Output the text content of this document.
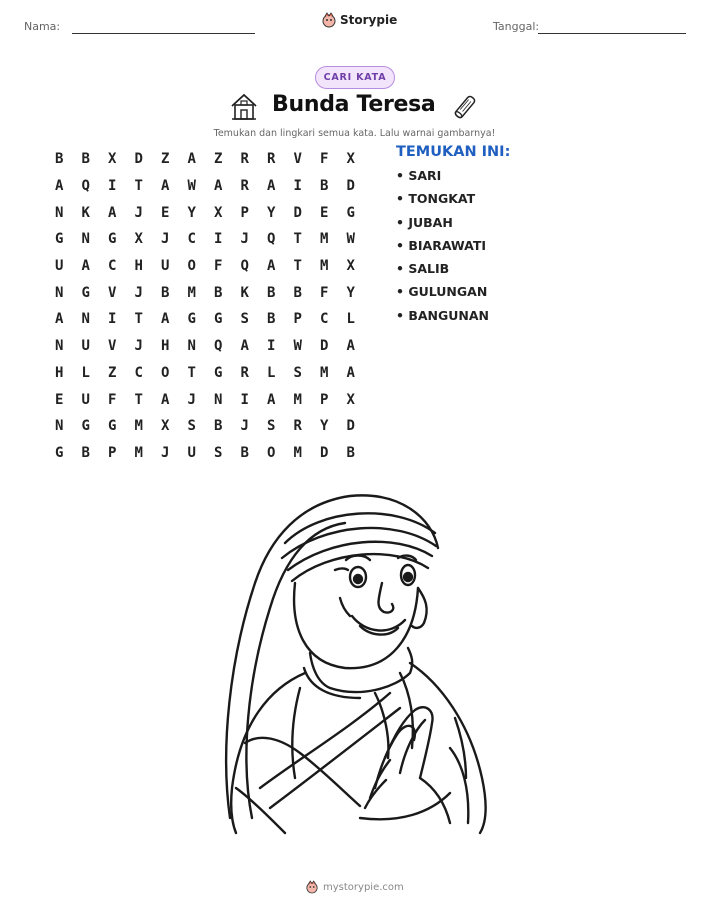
Nama:	Storypie	Tanggal:
CARI KATA
Bunda Teresa
Temukan dan lingkari semua kata. Lalu warnai gambarnya!
B	B	X	D	Z	A	Z	R	R	V	F	X
A	Q	I	T	A	W	A	R	A	I	B	D
N	K	A	J	E	Y	X	P	Y	D	E	G
G	N	G	X	J	C	I	J	Q	T	M	W
U	A	C	H	U	O	F	Q	A	T	M	X
N	G	V	J	B	M	B	K	B	B	F	Y
A	N	I	T	A	G	G	S	B	P	C	L
N	U	V	J	H	N	Q	A	I	W	D	A
H	L	Z	C	O	T	G	R	L	S	M	A
E	U	F	T	A	J	N	I	A	M	P	X
N	G	G	M	X	S	B	J	S	R	Y	D
G	B	P	M	J	U	S	B	O	M	D	B
TEMUKAN INI:
• SARI
• TONGKAT
• JUBAH
• BIARAWATI
• SALIB
• GULUNGAN
• BANGUNAN
mystorypie.com
